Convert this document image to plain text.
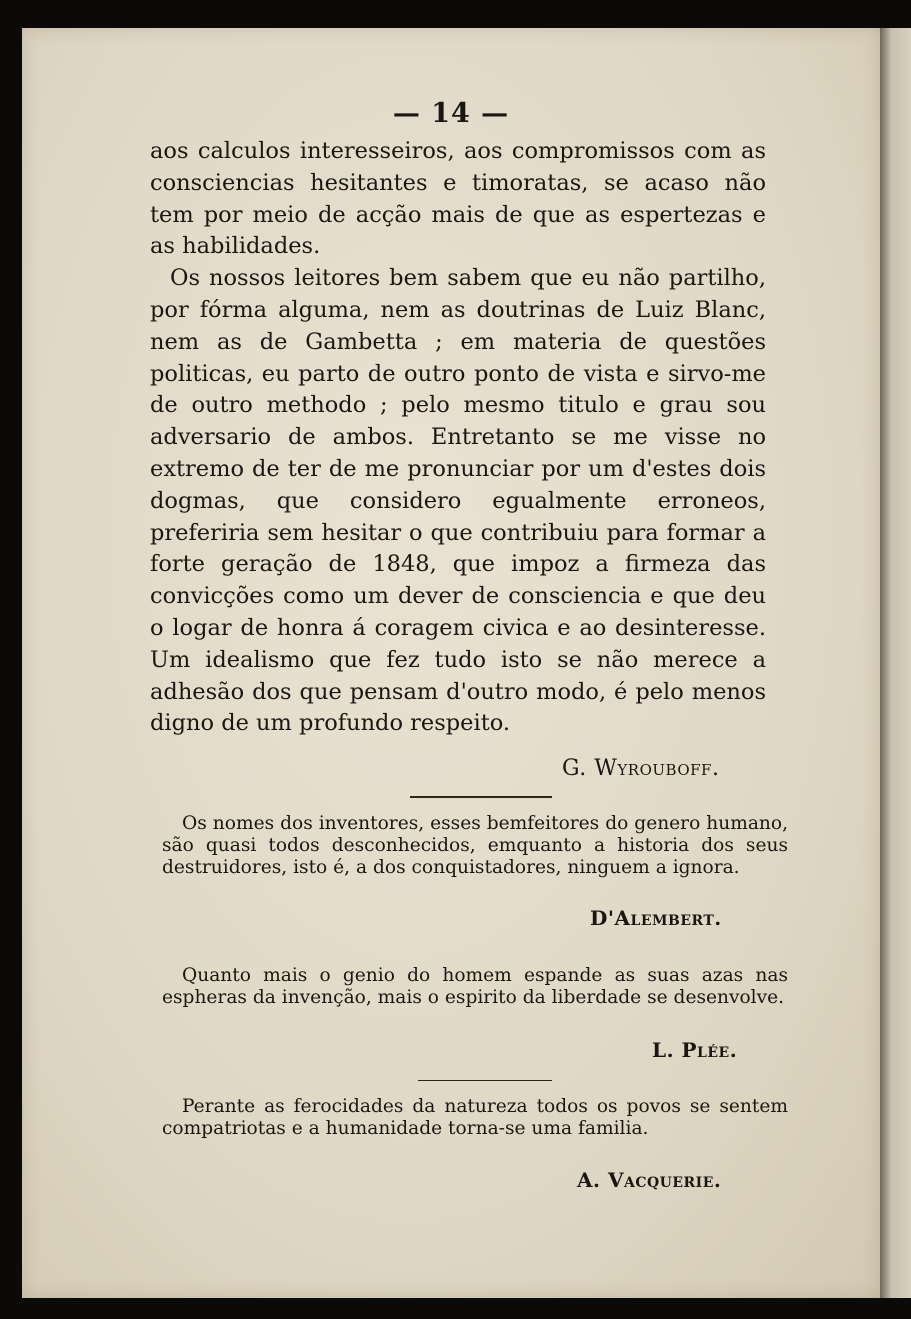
— 14 —

aos calculos interesseiros, aos compromissos com as consciencias hesitantes e timoratas, se acaso não tem por meio de acção mais de que as espertezas e as habilidades.

Os nossos leitores bem sabem que eu não partilho, por fórma alguma, nem as doutrinas de Luiz Blanc, nem as de Gambetta ; em materia de questões politicas, eu parto de outro ponto de vista e sirvo-me de outro methodo ; pelo mesmo titulo e grau sou adversario de ambos. Entretanto se me visse no extremo de ter de me pronunciar por um d'estes dois dogmas, que considero egualmente erroneos, preferiria sem hesitar o que contribuiu para formar a forte geração de 1848, que impoz a firmeza das convicções como um dever de consciencia e que deu o logar de honra á coragem civica e ao desinteresse. Um idealismo que fez tudo isto se não merece a adhesão dos que pensam d'outro modo, é pelo menos digno de um profundo respeito.

G. Wyrouboff.

Os nomes dos inventores, esses bemfeitores do genero humano, são quasi todos desconhecidos, emquanto a historia dos seus destruidores, isto é, a dos conquistadores, ninguem a ignora.

D'Alembert.

Quanto mais o genio do homem espande as suas azas nas espheras da invenção, mais o espirito da liberdade se desenvolve.

L. Plée.

Perante as ferocidades da natureza todos os povos se sentem compatriotas e a humanidade torna-se uma familia.

A. Vacquerie.
